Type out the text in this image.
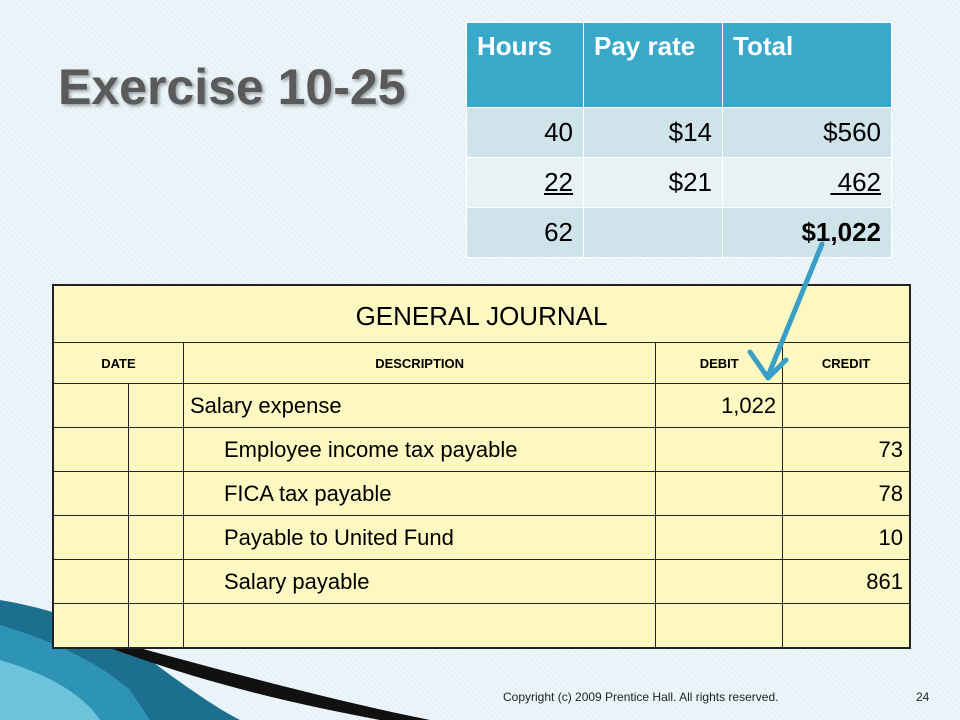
Exercise 10-25
Hours	Pay rate	Total
40	$14	$560
22	$21	462
62		$1,022
GENERAL JOURNAL				
DATE		DESCRIPTION	DEBIT	CREDIT
		Salary expense	1,022	
		Employee income tax payable		73
		FICA tax payable		78
		Payable to United Fund		10
		Salary payable		861

Copyright (c) 2009 Prentice Hall. All rights reserved.	24
